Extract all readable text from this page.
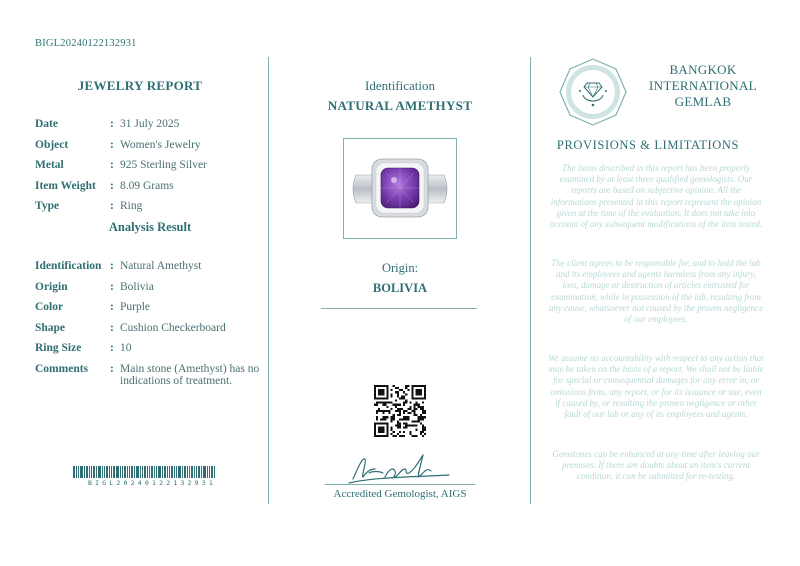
BIGL20240122132931
JEWELRY REPORT
Date	: 31 July 2025
Object	: Women's Jewelry
Metal	: 925 Sterling Silver
Item Weight	: 8.09 Grams
Type	: Ring
Analysis Result
Identification : Natural Amethyst
Origin	: Bolivia
Color	: Purple
Shape	: Cushion Checkerboard
Ring Size	: 10
Comments	: Main stone (Amethyst) has no indications of treatment.
BIGL20240122132931
Identification
NATURAL AMETHYST
Origin:
BOLIVIA
Accredited Gemologist, AIGS
BANGKOK
INTERNATIONAL
GEMLAB
PROVISIONS & LIMITATIONS
The items described in this report has been properly examined by at least three qualified gemologists. Our reports are based on subjective opinion. All the informations presented in this report represent the opinion given at the time of the evaluation. It does not take into account of any subsequent modifications of the item tested.
The client agrees to be responsible for, and to hold the lab and its employees and agents harmless from any injury, loss, damage or destruction of articles entrusted for examination, while in possession of the lab, resulting from any cause, whatsoever not caused by the proven negligence of our employees.
We assume no accountability with respect to any action that may be taken on the basis of a report. We shall not be liable for special or consequential damages for any error in, or omissions from, any report, or for its issuance or use, even if caused by, or resulting the proven negligence or other fault of our lab or any of its employees and agents.
Gemstones can be enhanced at any time after leaving our premises. If there are doubts about an item's current condition, it can be submitted for re-testing.
